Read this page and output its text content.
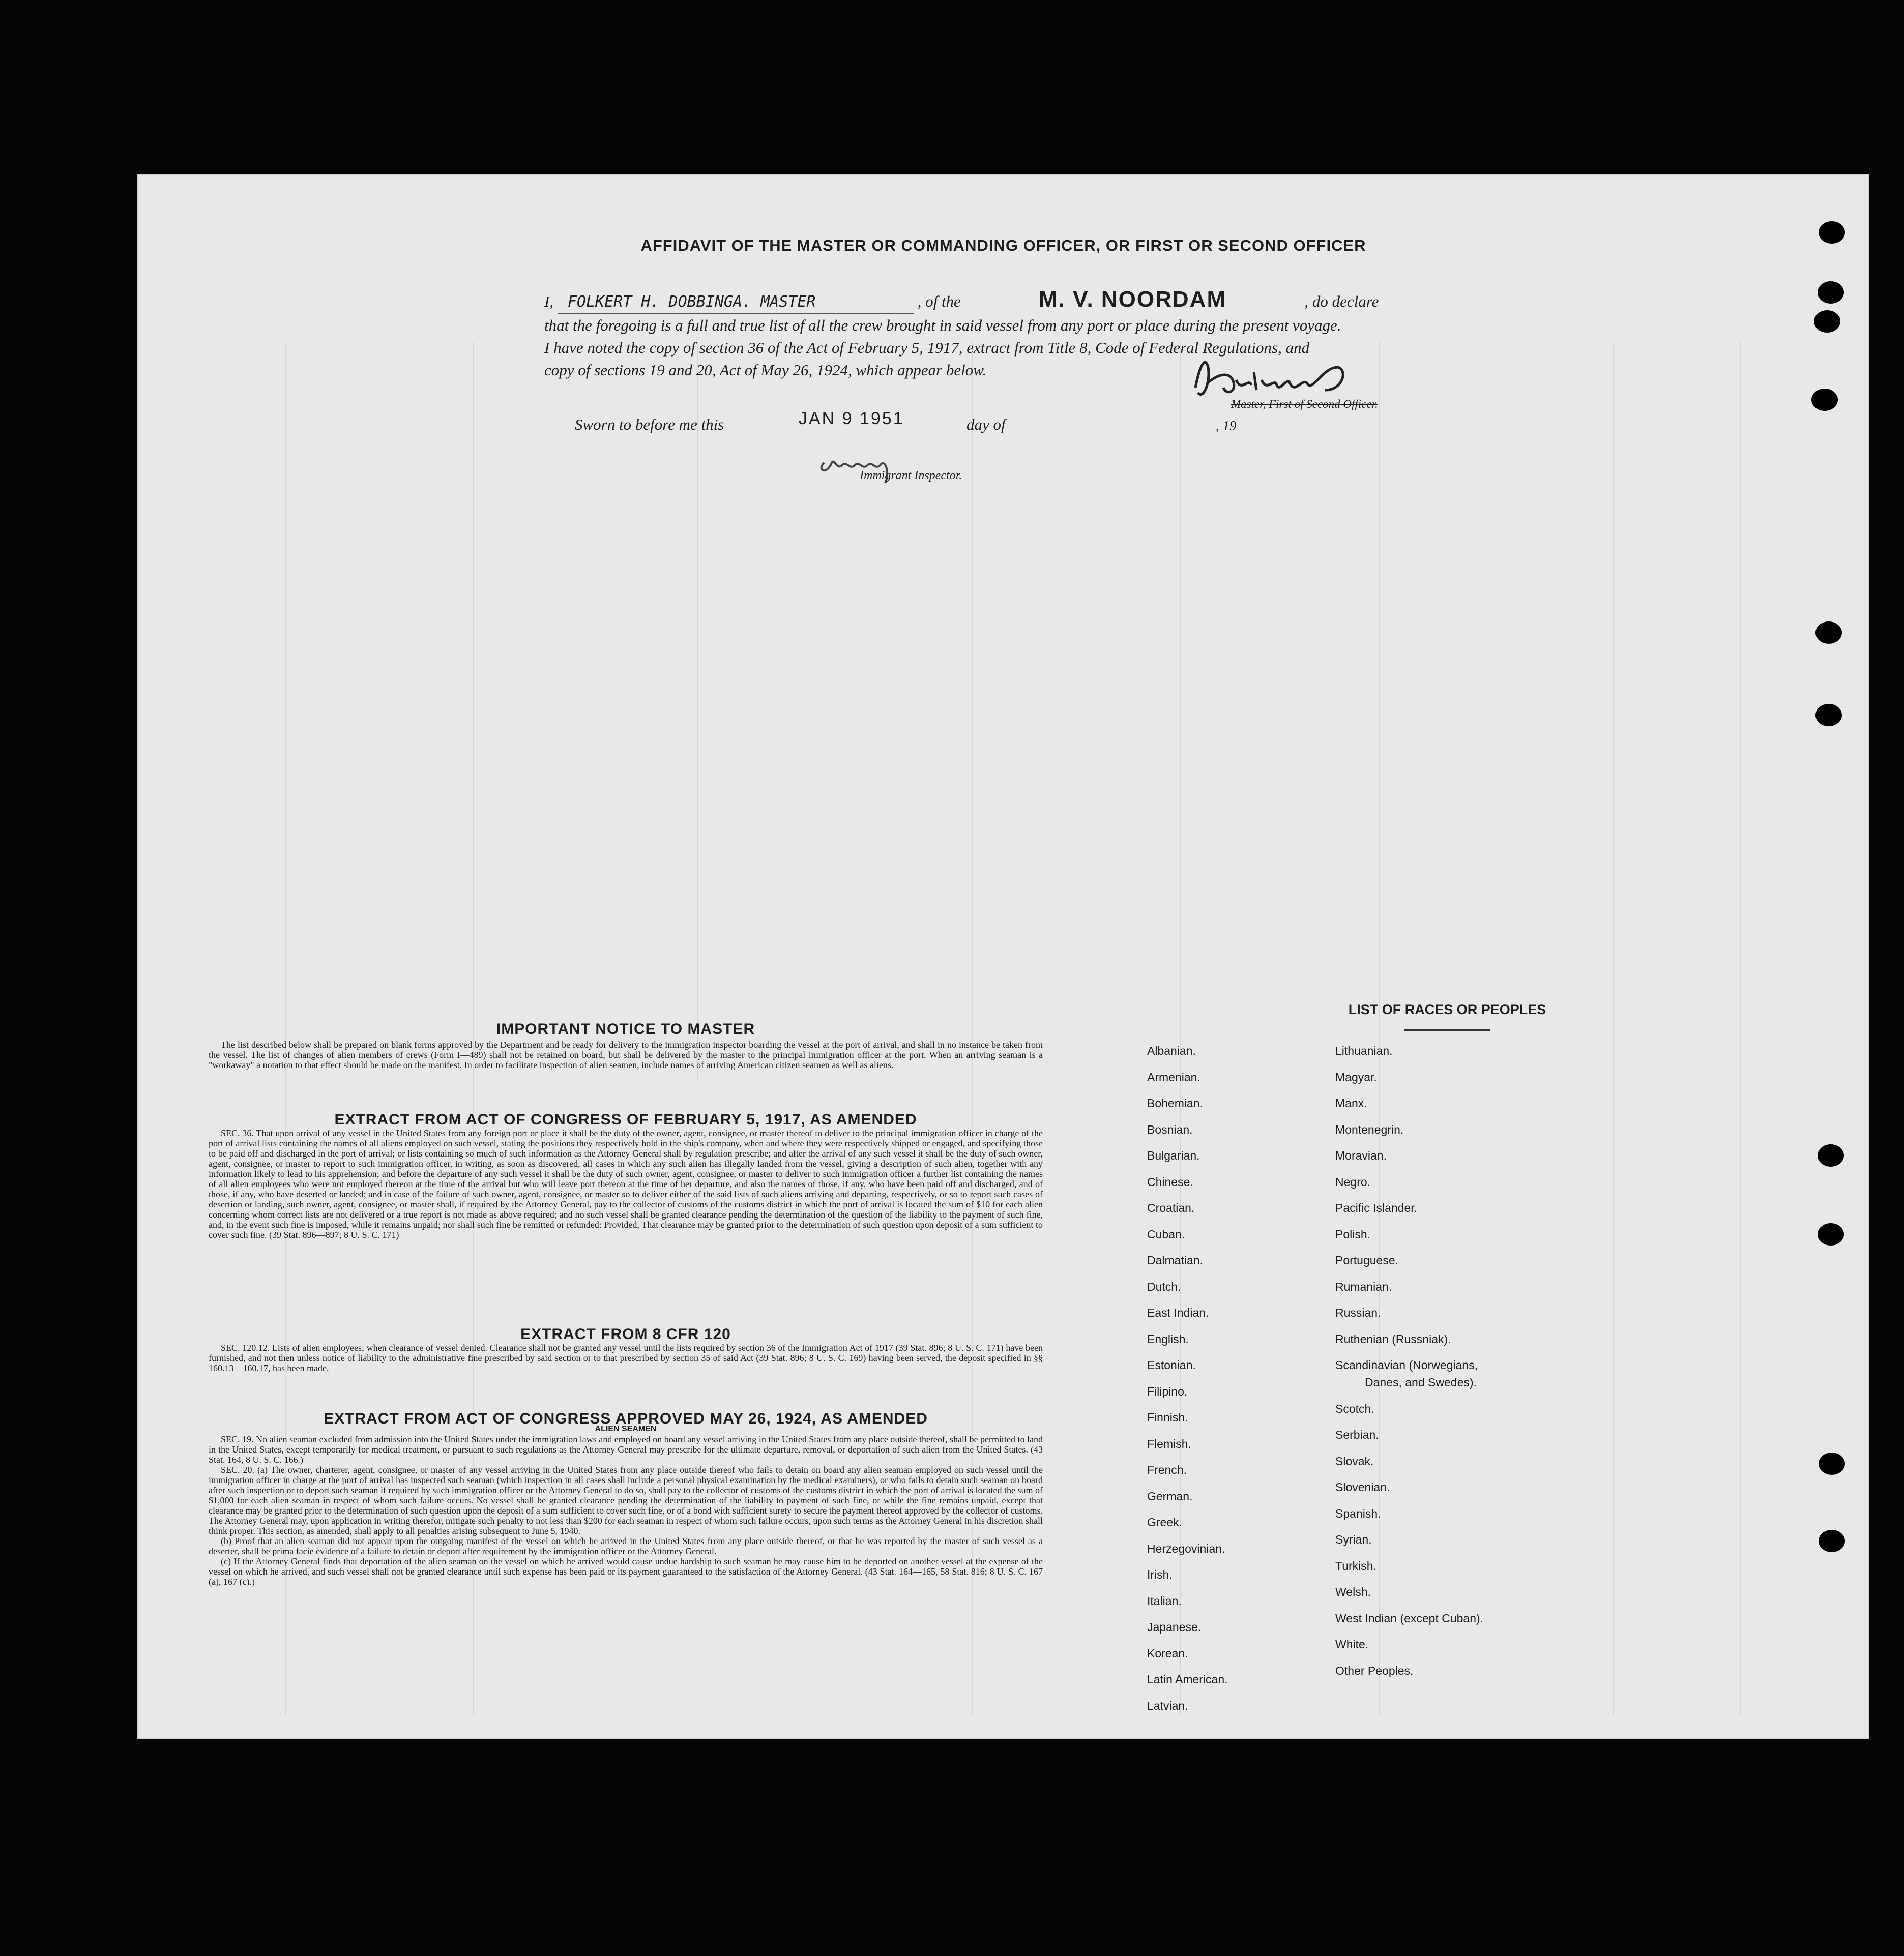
AFFIDAVIT OF THE MASTER OR COMMANDING OFFICER, OR FIRST OR SECOND OFFICER
I, FOLKERT H. DOBBINGA. MASTER	, of the	M. V. NOORDAM	, do declare
that the foregoing is a full and true list of all the crew brought in said vessel from any port or place during the present voyage.
I have noted the copy of section 36 of the Act of February 5, 1917, extract from Title 8, Code of Federal Regulations, and
copy of sections 19 and 20, Act of May 26, 1924, which appear below.
Master, First of Second Officer.
Sworn to before me this	JAN 9 1951	day of	, 19
Immigrant Inspector.
IMPORTANT NOTICE TO MASTER

The list described below shall be prepared on blank forms approved by the Department and be ready for delivery to the immigration inspector boarding the vessel at the port of arrival, and shall in no instance be taken from the vessel. The list of changes of alien members of crews (Form I—489) shall not be retained on board, but shall be delivered by the master to the principal immigration officer at the port. When an arriving seaman is a "workaway" a notation to that effect should be made on the manifest. In order to facilitate inspection of alien seamen, include names of arriving American citizen seamen as well as aliens.

EXTRACT FROM ACT OF CONGRESS OF FEBRUARY 5, 1917, AS AMENDED

SEC. 36. That upon arrival of any vessel in the United States from any foreign port or place it shall be the duty of the owner, agent, consignee, or master thereof to deliver to the principal immigration officer in charge of the port of arrival lists containing the names of all aliens employed on such vessel, stating the positions they respectively hold in the ship's company, when and where they were respectively shipped or engaged, and specifying those to be paid off and discharged in the port of arrival; or lists containing so much of such information as the Attorney General shall by regulation prescribe; and after the arrival of any such vessel it shall be the duty of such owner, agent, consignee, or master to report to such immigration officer, in writing, as soon as discovered, all cases in which any such alien has illegally landed from the vessel, giving a description of such alien, together with any information likely to lead to his apprehension; and before the departure of any such vessel it shall be the duty of such owner, agent, consignee, or master to deliver to such immigration officer a further list containing the names of all alien employees who were not employed thereon at the time of the arrival but who will leave port thereon at the time of her departure, and also the names of those, if any, who have been paid off and discharged, and of those, if any, who have deserted or landed; and in case of the failure of such owner, agent, consignee, or master so to deliver either of the said lists of such aliens arriving and departing, respectively, or so to report such cases of desertion or landing, such owner, agent, consignee, or master shall, if required by the Attorney General, pay to the collector of customs of the customs district in which the port of arrival is located the sum of $10 for each alien concerning whom correct lists are not delivered or a true report is not made as above required; and no such vessel shall be granted clearance pending the determination of the question of the liability to the payment of such fine, and, in the event such fine is imposed, while it remains unpaid; nor shall such fine be remitted or refunded: Provided, That clearance may be granted prior to the determination of such question upon deposit of a sum sufficient to cover such fine. (39 Stat. 896—897; 8 U. S. C. 171)

EXTRACT FROM 8 CFR 120

SEC. 120.12. Lists of alien employees; when clearance of vessel denied. Clearance shall not be granted any vessel until the lists required by section 36 of the Immigration Act of 1917 (39 Stat. 896; 8 U. S. C. 171) have been furnished, and not then unless notice of liability to the administrative fine prescribed by said section or to that prescribed by section 35 of said Act (39 Stat. 896; 8 U. S. C. 169) having been served, the deposit specified in §§ 160.13—160.17, has been made.

EXTRACT FROM ACT OF CONGRESS APPROVED MAY 26, 1924, AS AMENDED
ALIEN SEAMEN

SEC. 19. No alien seaman excluded from admission into the United States under the immigration laws and employed on board any vessel arriving in the United States from any place outside thereof, shall be permitted to land in the United States, except temporarily for medical treatment, or pursuant to such regulations as the Attorney General may prescribe for the ultimate departure, removal, or deportation of such alien from the United States. (43 Stat. 164, 8 U. S. C. 166.)

SEC. 20. (a) The owner, charterer, agent, consignee, or master of any vessel arriving in the United States from any place outside thereof who fails to detain on board any alien seaman employed on such vessel until the immigration officer in charge at the port of arrival has inspected such seaman (which inspection in all cases shall include a personal physical examination by the medical examiners), or who fails to detain such seaman on board after such inspection or to deport such seaman if required by such immigration officer or the Attorney General to do so, shall pay to the collector of customs of the customs district in which the port of arrival is located the sum of $1,000 for each alien seaman in respect of whom such failure occurs. No vessel shall be granted clearance pending the determination of the liability to payment of such fine, or while the fine remains unpaid, except that clearance may be granted prior to the determination of such question upon the deposit of a sum sufficient to cover such fine, or of a bond with sufficient surety to secure the payment thereof approved by the collector of customs. The Attorney General may, upon application in writing therefor, mitigate such penalty to not less than $200 for each seaman in respect of whom such failure occurs, upon such terms as the Attorney General in his discretion shall think proper. This section, as amended, shall apply to all penalties arising subsequent to June 5, 1940.

(b) Proof that an alien seaman did not appear upon the outgoing manifest of the vessel on which he arrived in the United States from any place outside thereof, or that he was reported by the master of such vessel as a deserter, shall be prima facie evidence of a failure to detain or deport after requirement by the immigration officer or the Attorney General.

(c) If the Attorney General finds that deportation of the alien seaman on the vessel on which he arrived would cause undue hardship to such seaman he may cause him to be deported on another vessel at the expense of the vessel on which he arrived, and such vessel shall not be granted clearance until such expense has been paid or its payment guaranteed to the satisfaction of the Attorney General. (43 Stat. 164—165, 58 Stat. 816; 8 U. S. C. 167 (a), 167 (c).)

LIST OF RACES OR PEOPLES
Albanian.
Armenian.
Bohemian.
Bosnian.
Bulgarian.
Chinese.
Croatian.
Cuban.
Dalmatian.
Dutch.
East Indian.
English.
Estonian.
Filipino.
Finnish.
Flemish.
French.
German.
Greek.
Herzegovinian.
Irish.
Italian.
Japanese.
Korean.
Latin American.
Latvian.
Lithuanian.
Magyar.
Manx.
Montenegrin.
Moravian.
Negro.
Pacific Islander.
Polish.
Portuguese.
Rumanian.
Russian.
Ruthenian (Russniak).
Scandinavian (Norwegians,
Danes, and Swedes).
Scotch.
Serbian.
Slovak.
Slovenian.
Spanish.
Syrian.
Turkish.
Welsh.
West Indian (except Cuban).
White.
Other Peoples.
